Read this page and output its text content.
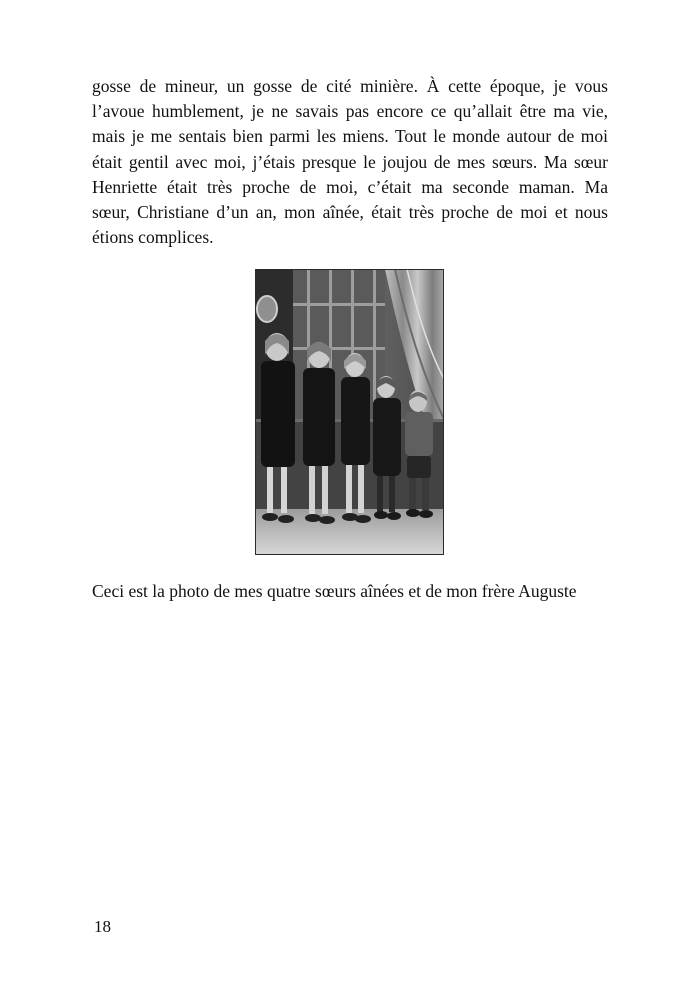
gosse de mineur, un gosse de cité minière. À cette époque, je vous
l’avoue humblement, je ne savais pas encore ce qu’allait être ma vie,
mais je me sentais bien parmi les miens. Tout le monde autour de moi
était gentil avec moi, j’étais presque le joujou de mes sœurs. Ma sœur
Henriette était très proche de moi, c’était ma seconde maman. Ma
sœur, Christiane d’un an, mon aînée, était très proche de moi et nous
étions complices.

Ceci est la photo de mes quatre sœurs aînées et de mon frère Auguste

18
